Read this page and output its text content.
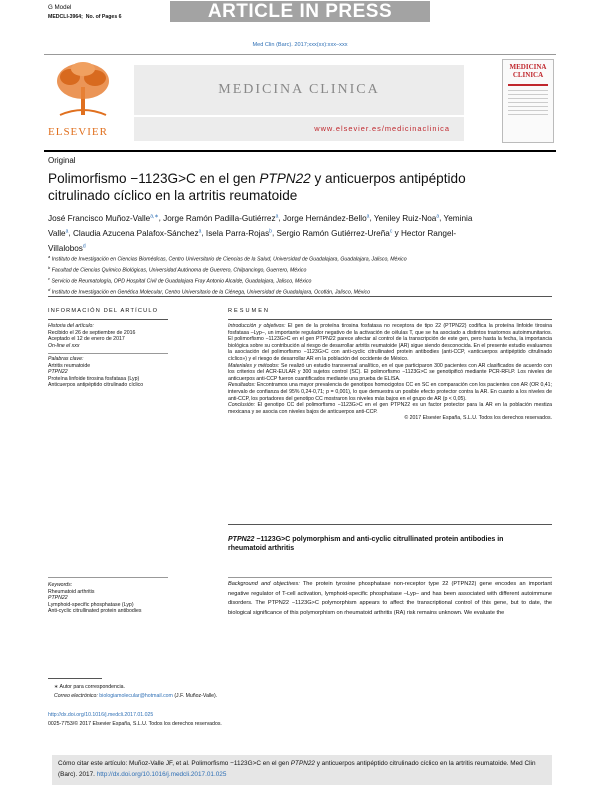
G Model
MEDCLI-3964; No. of Pages 6	ARTICLE IN PRESS
Med Clin (Barc). 2017;xxx(xx):xxx–xxx
ELSEVIER
MEDICINA CLINICA
www.elsevier.es/medicinaclinica
MEDICINA CLINICA
Original
Polimorfismo −1123G>C en el gen PTPN22 y anticuerpos antipéptido citrulinado cíclico en la artritis reumatoide
José Francisco Muñoz-Valle$^{a,∗}$, Jorge Ramón Padilla-Gutiérrez$^a$, Jorge Hernández-Bello$^a$, Yeniley Ruiz-Noa$^a$, Yeminia Valle$^a$, Claudia Azucena Palafox-Sánchez$^a$, Isela Parra-Rojas$^b$, Sergio Ramón Gutiérrez-Ureña$^c$ y Hector Rangel-Villalobos$^d$
$^a$ Instituto de Investigación en Ciencias Biomédicas, Centro Universitario de Ciencias de la Salud, Universidad de Guadalajara, Guadalajara, Jalisco, México
$^b$ Facultad de Ciencias Químico Biológicas, Universidad Autónoma de Guerrero, Chilpancingo, Guerrero, México
$^c$ Servicio de Reumatología, OPD Hospital Civil de Guadalajara Fray Antonio Alcalde, Guadalajara, Jalisco, México
$^d$ Instituto de Investigación en Genética Molecular, Centro Universitario de la Ciénega, Universidad de Guadalajara, Ocotlán, Jalisco, México
INFORMACIÓN DEL ARTÍCULO
Historia del artículo:
Recibido el 26 de septiembre de 2016
Aceptado el 12 de enero de 2017
On-line el xxx
Palabras clave:
Artritis reumatoide
PTPN22
Proteína linfoide tirosina fosfatasa (Lyp)
Anticuerpos antipéptido citrulinado cíclico
RESUMEN
Introducción y objetivos: El gen de la proteína tirosina fosfatasa no receptora de tipo 22 (PTPN22) codifica la proteína linfoide tirosina fosfatasa –Lyp–, un importante regulador negativo de la activación de células T, que se ha asociado a distintos trastornos autoinmunitarios. El polimorfismo −1123G>C en el gen PTPN22 parece afectar al control de la transcripción de este gen, pero hasta la fecha, la importancia biológica sobre su contribución al riesgo de desarrollar artritis reumatoide (AR) sigue siendo desconocida. En el presente estudio evaluamos la asociación del polimorfismo −1123G>C con anti-cyclic citrullinated protein antibodies (anti-CCP, «anticuerpos antipéptido citrulinado cíclico») y el riesgo de desarrollar AR en la población del occidente de México.
Materiales y métodos: Se realizó un estudio transversal analítico, en el que participaron 300 pacientes con AR clasificados de acuerdo con los criterios del ACR-EULAR y 300 sujetos control (SC). El polimorfismo −1123G>C se genotipificó mediante PCR-RFLP. Los niveles de anticuerpos anti-CCP fueron cuantificados mediante una prueba de ELISA.
Resultados: Encontramos una mayor prevalencia de genotipos homocigotos CC en SC en comparación con los pacientes con AR (OR 0,41; intervalo de confianza del 95% 0,24-0,71; p = 0,001), lo que demuestra un posible efecto protector contra la AR. En cuanto a los niveles de anti-CCP, los portadores del genotipo CC mostraron los niveles más bajos en el grupo de AR (p < 0,05).
Conclusión: El genotipo CC del polimorfismo −1123G>C en el gen PTPN22 es un factor protector para la AR en la población mestiza mexicana y se asocia con niveles bajos de anticuerpos anti-CCP.
© 2017 Elsevier España, S.L.U. Todos los derechos reservados.
PTPN22 −1123G>C polymorphism and anti-cyclic citrullinated protein antibodies in rheumatoid arthritis
Keywords:
Rheumatoid arthritis
PTPN22
Lymphoid-specific phosphatase (Lyp)
Anti-cyclic citrullinated protein antibodies
Background and objectives: The protein tyrosine phosphatase non-receptor type 22 (PTPN22) gene encodes an important negative regulator of T-cell activation, lymphoid-specific phosphatase –Lyp– and has been associated with different autoimmune disorders. The PTPN22 −1123G>C polymorphism appears to affect the transcriptional control of this gene, but to date, the biological significance of this polymorphism on rheumatoid arthritis (RA) risk remains unknown. We evaluate the
∗ Autor para correspondencia.
Correo electrónico: biologiamolecular@hotmail.com (J.F. Muñoz-Valle).
http://dx.doi.org/10.1016/j.medcli.2017.01.025
0025-7753/© 2017 Elsevier España, S.L.U. Todos los derechos reservados.
Cómo citar este artículo: Muñoz-Valle JF, et al. Polimorfismo −1123G>C en el gen PTPN22 y anticuerpos antipéptido citrulinado cíclico en la artritis reumatoide. Med Clin (Barc). 2017. http://dx.doi.org/10.1016/j.medcli.2017.01.025
